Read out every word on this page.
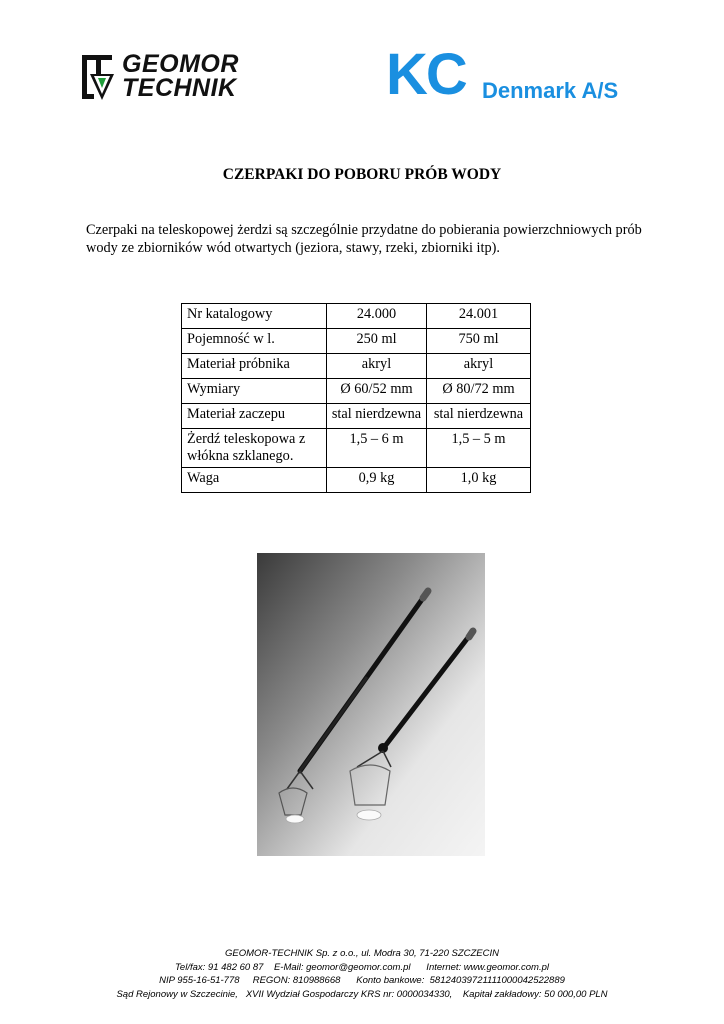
GEOMOR
TECHNIK	KC Denmark A/S
CZERPAKI DO POBORU PRÓB WODY
Czerpaki na teleskopowej żerdzi są szczególnie przydatne do pobierania powierzchniowych prób wody ze zbiorników wód otwartych (jeziora, stawy, rzeki, zbiorniki itp).
Nr katalogowy	24.000	24.001
Pojemność w l.	250 ml	750 ml
Materiał próbnika	akryl	akryl
Wymiary	Ø 60/52 mm	Ø 80/72 mm
Materiał zaczepu	stal nierdzewna	stal nierdzewna
Żerdź teleskopowa z włókna szklanego.	1,5 – 6 m	1,5 – 5 m
Waga	0,9 kg	1,0 kg
GEOMOR-TECHNIK Sp. z o.o., ul. Modra 30, 71-220 SZCZECIN
Tel/fax: 91 482 60 87    E-Mail: geomor@geomor.com.pl      Internet: www.geomor.com.pl
NIP 955-16-51-778     REGON: 810988668      Konto bankowe:  58124039721111000042522889
Sąd Rejonowy w Szczecinie,   XVII Wydział Gospodarczy KRS nr: 0000034330,    Kapitał zakładowy: 50 000,00 PLN
